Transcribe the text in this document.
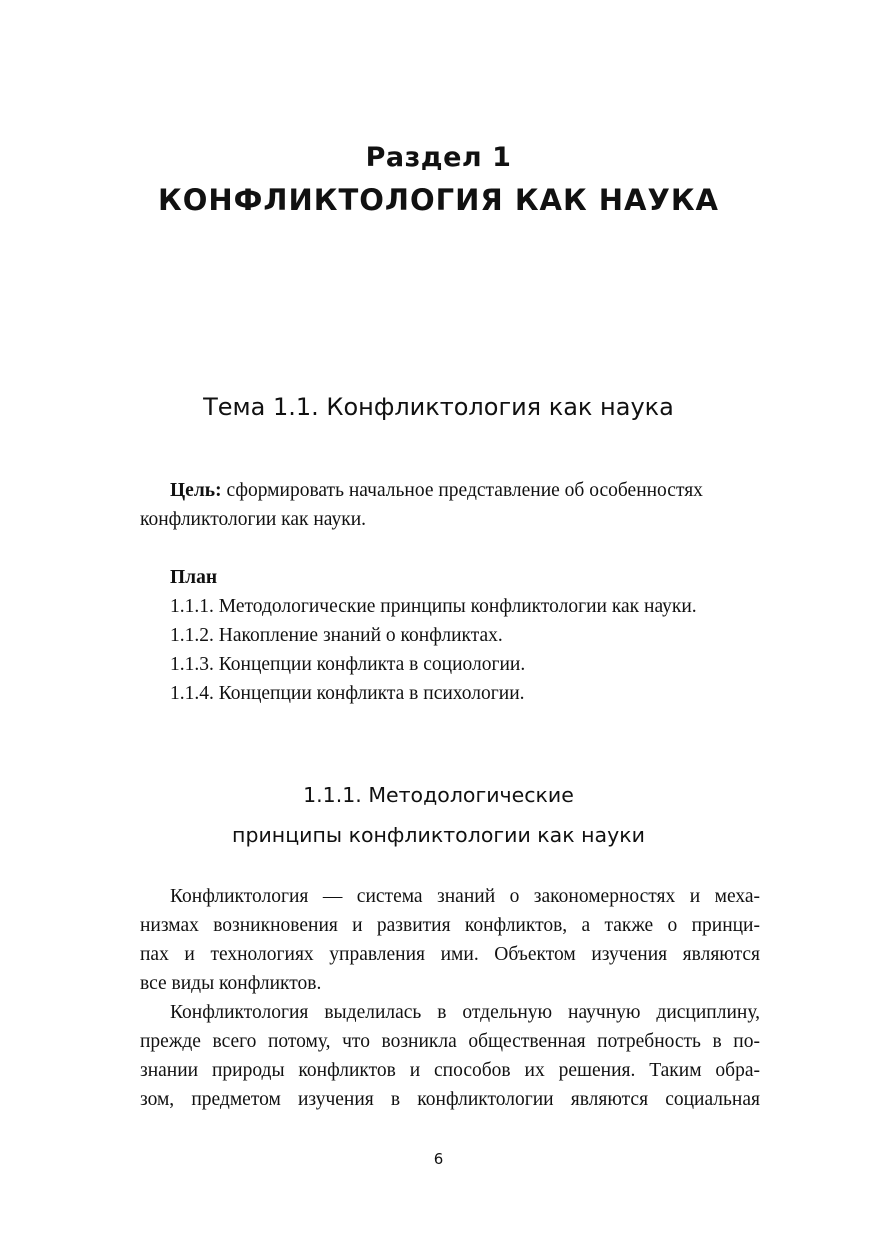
Раздел 1
КОНФЛИКТОЛОГИЯ КАК НАУКА
Тема 1.1. Конфликтология как наука
Цель: сформировать начальное представление об особенностях
конфликтологии как науки.
План
1.1.1. Методологические принципы конфликтологии как науки.
1.1.2. Накопление знаний о конфликтах.
1.1.3. Концепции конфликта в социологии.
1.1.4. Концепции конфликта в психологии.
1.1.1. Методологические
принципы конфликтологии как науки
Конфликтология — система знаний о закономерностях и меха-
низмах возникновения и развития конфликтов, а также о принци-
пах и технологиях управления ими. Объектом изучения являются
все виды конфликтов.
Конфликтология выделилась в отдельную научную дисциплину,
прежде всего потому, что возникла общественная потребность в по-
знании природы конфликтов и способов их решения. Таким обра-
зом, предметом изучения в конфликтологии являются социальная
6
